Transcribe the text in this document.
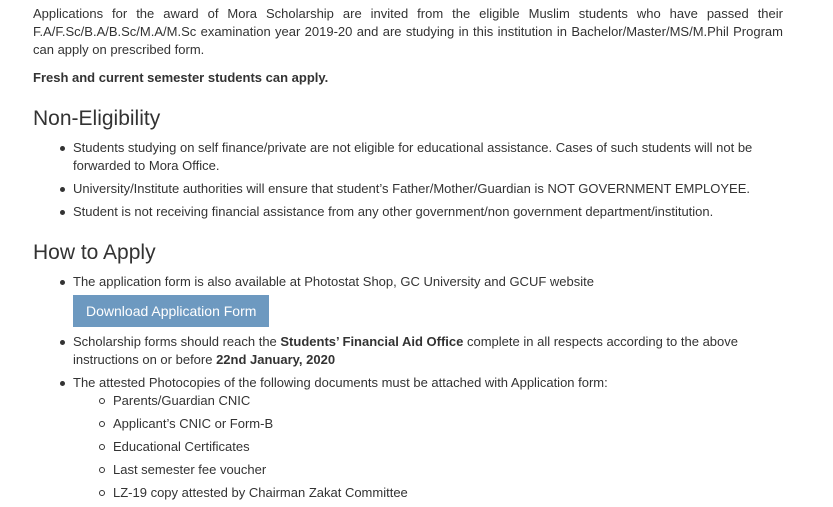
Applications for the award of Mora Scholarship are invited from the eligible Muslim students who have passed their F.A/F.Sc/B.A/B.Sc/M.A/M.Sc examination year 2019-20 and are studying in this institution in Bachelor/Master/MS/M.Phil Program can apply on prescribed form.

Fresh and current semester students can apply.

Non-Eligibility
Students studying on self finance/private are not eligible for educational assistance. Cases of such students will not be forwarded to Mora Office.
University/Institute authorities will ensure that student’s Father/Mother/Guardian is NOT GOVERNMENT EMPLOYEE.
Student is not receiving financial assistance from any other government/non government department/institution.
How to Apply
The application form is also available at Photostat Shop, GC University and GCUF website
Download Application Form
Scholarship forms should reach the Students’ Financial Aid Office complete in all respects according to the above instructions on or before 22nd January, 2020
The attested Photocopies of the following documents must be attached with Application form:
Parents/Guardian CNIC
Applicant’s CNIC or Form-B
Educational Certificates
Last semester fee voucher
LZ-19 copy attested by Chairman Zakat Committee
